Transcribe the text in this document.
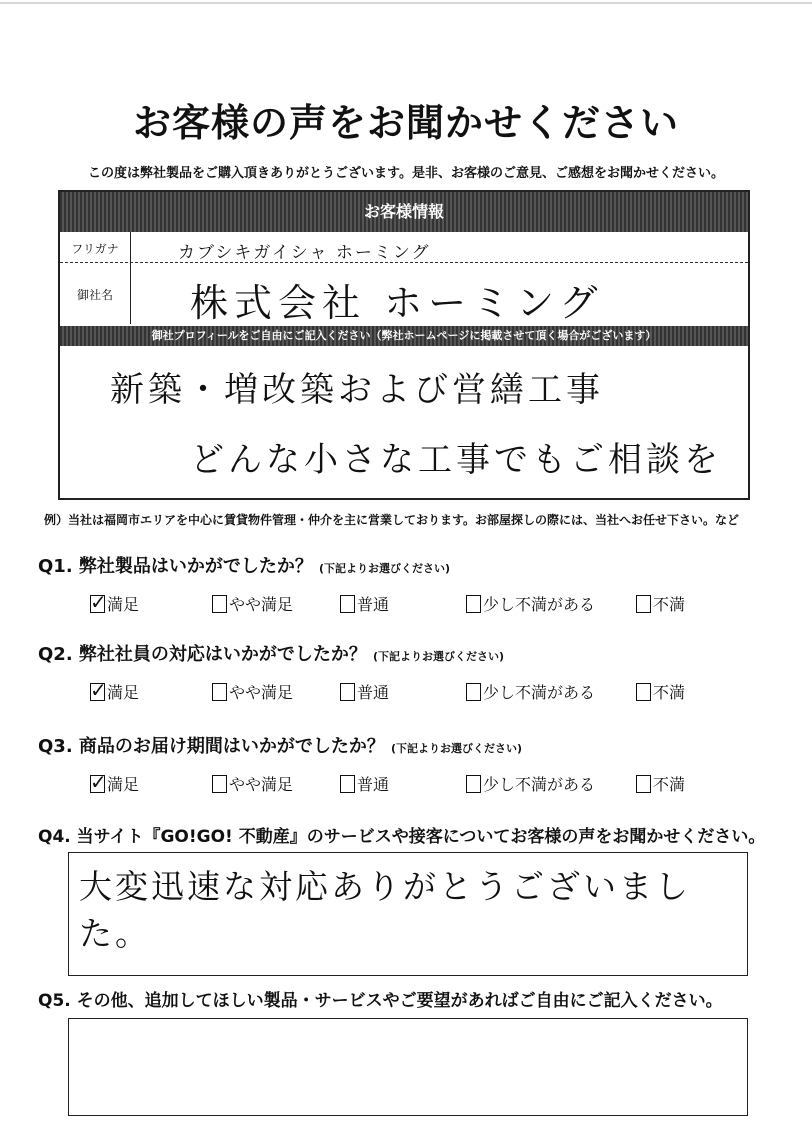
お客様の声をお聞かせください
この度は弊社製品をご購入頂きありがとうございます。是非、お客様のご意見、ご感想をお聞かせください。
お客様情報
フリガナ	カブシキガイシャ ホーミング
御社名	株式会社 ホーミング
御社プロフィールをご自由にご記入ください（弊社ホームページに掲載させて頂く場合がございます）
新築・増改築および営繕工事
どんな小さな工事でもご相談を
例）当社は福岡市エリアを中心に賃貸物件管理・仲介を主に営業しております。お部屋探しの際には、当社へお任せ下さい。など
Q1. 弊社製品はいかがでしたか？ (下記よりお選びください)
✓ 満足	やや満足	普通	少し不満がある	不満
Q2. 弊社社員の対応はいかがでしたか？ (下記よりお選びください)
✓ 満足	やや満足	普通	少し不満がある	不満
Q3. 商品のお届け期間はいかがでしたか？ (下記よりお選びください)
✓ 満足	やや満足	普通	少し不満がある	不満
Q4. 当サイト『GO!GO! 不動産』のサービスや接客についてお客様の声をお聞かせください。
大変迅速な対応ありがとうございました。
Q5. その他、追加してほしい製品・サービスやご要望があればご自由にご記入ください。
